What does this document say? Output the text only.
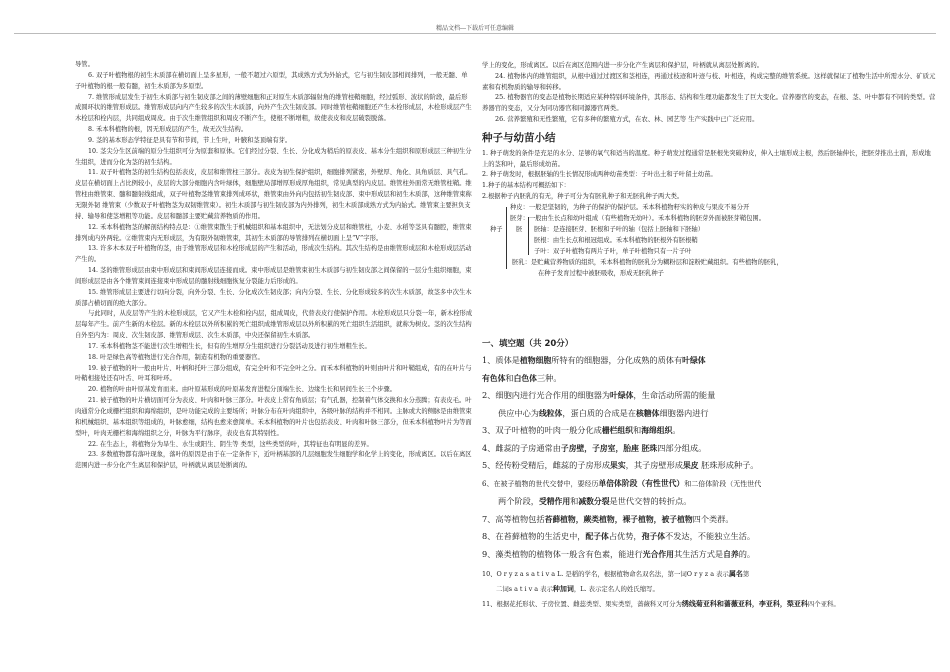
精品文档---下载后可任意编辑

导管。

6. 双子叶植物根的初生木质部在横切面上呈多星形，一般不超过六原型，其成熟方式为外始式，它与初生韧皮部相间排列，一般无髓、单子叶植物的根一般有髓，初生木质部为多原型。

7. 维管形成层发生于初生木质部与初生韧皮部之间的薄壁细胞和正对原生木质部辐射角的维管柱鞘细胞，经过弧形、波状的阶段，最后形成圆环状的维管形成层。维管形成层向内产生较多的次生木质部，向外产生次生韧皮部。同时维管柱鞘细胞还产生木栓形成层，木栓形成层产生木栓层和栓内层，共同组成周皮。由于次生维管组织和周皮不断产生，使根不断增粗，故使表皮和皮层破裂脱落。

8. 禾本科植物的根，因无形成层的产生，故无次生结构。

9. 茎的基本形态学特征是具有节和节间，节上生叶，叶腋和茎顶端有芽。

10. 茎尖分生区前端的原分生组织可分为原套和原体。它们经过分裂、生长、分化成为稍后的原表皮、基本分生组织和原形成层三种初生分生组织，进而分化为茎的初生结构。

11. 双子叶植物茎的初生结构包括表皮，皮层和维管柱三部分。表皮为初生保护组织，细胞排列紧密，外壁厚、角化、具角质层、具气孔。皮层在横切面上占比例较小，皮层的大部分细胞内含叶绿体，细胞壁局部增厚形成厚角组织，常见典型的内皮层。维管柱外面常无维管柱鞘。维管柱由维管束、髓和髓射线组成，双子叶植物茎维管束排列成环状，维管束由外向内包括初生韧皮部、束中形成层和初生木质部，这种维管束称无限外韧 维管束（少数双子叶植物茎为双韧维管束）。初生木质部与初生韧皮部为内外排列，初生木质部成熟方式为内始式。维管束主要担负支持、输导和使茎增粗等功能。皮层和髓部主要贮藏营养物质的作用。

12. 禾本科植物茎的解剖结构特点是：①维管束散生于机械组织和基本组织中，无法划分皮层和维管柱，小麦、水稻等茎具有髓腔，维管束排列成内外两轮。②维管束内无形成层，为有限外韧维管束，其初生木质部的导管排列在横切面上呈“V”字形。

13. 许多木本双子叶植物的茎，由于维管形成层和木栓形成层的产生和活动，形成次生结构。其次生结构是由维管形成层和木栓形成层活动产生的。

14. 茎的维管形成层由束中形成层和束间形成层连接而成。束中形成层是维管束初生木质部与初生韧皮部之间保留的一层分生组织细胞，束间形成层是由各个维管束间连接束中形成层的髓射线细胞恢复分裂能力后形成的。

15. 维管形成层主要进行切向分裂，向外分裂、生长、分化成次生韧皮部；向内分裂、生长、分化形成较多的次生木质部，故茎多中次生木质部占横切面的绝大部分。

与此同时，从皮层等产生的木栓形成层，它又产生木栓和栓内层，组成周皮，代替表皮行使保护作用。木栓形成层只分裂一年，新木栓形成层每年产生。前产生新的木栓层。新的木栓层以外所积累的死亡组织成维管形成层以外所积累的死亡组织生活组织，就称为树皮。茎的次生结构自外至内为：周皮、次生韧皮部、维管形成层、次生木质部，中央还保留初生木质部。

17. 禾本科植物茎不能进行次生增粗生长，但有的生增厚分生组织进行分裂活动及进行初生增粗生长。

18. 叶是绿色高等植物进行光合作用，制造有机物的重要器官。

19. 被子植物的叶一般由叶片、叶柄和托叶三部分组成，有完全叶和不完全叶之分。而禾本科植物的叶则由叶片和叶鞘组成，有的在叶片与叶鞘相接处还有叶舌、叶耳和叶环。

20. 植物的叶由叶原基发育而来。由叶原基形成的叶原基发育进程分顶端生长、边缘生长和居间生长三个步骤。

21. 被子植物的叶片横切面可分为表皮、叶肉和叶脉三部分。叶表皮上常有角质层；有气孔器，控制着气体交换和水分蒸腾；有表皮毛。叶肉通常分化成栅栏组织和海绵组织，是叶功能完成的主要场所；叶脉分布在叶肉组织中，各级叶脉的结构并不相同。主脉或大的侧脉是由维管束和机械组织、基本组织等组成的，叶脉愈细，结构也愈来愈简单。禾本科植物的叶片也包括表皮、叶肉和叶脉三部分，但禾本科植物叶片为等面型叶，叶肉无栅栏和海绵组织之分，叶脉为平行脉序，表皮也有其特别性。

22. 在生态上，将植物分为旱生、水生或阳生、阴生等 类型，这些类型的叶，其特征也有明显的差异。

23. 多数植物都有落叶现象，落叶的原因是由于在一定条件下，近叶柄基部的几层细胞发生细胞学和化学上的变化，形成离区。以后在离区范围内进一步分化产生离层和保护层，叶柄就从离层处断离的。

学上的变化，形成离区。以后在离区范围内进一步分化产生离层和保护层，叶柄就从离层处断离的。

24. 植物体内的维管组织，从根中通过过渡区和茎相连，再通过枝迹和叶迹与枝、叶相连，构成完整的维管系统。这样就保证了植物生活中所需水分、矿质元素和有机物质的输导和转移。

25. 植物器官的变态是植物长期适应某种特别环境条件，其形态、结构和生理功能都发生了巨大变化。营养器官的变态，在根、茎、叶中都有不同的类型。营养器官的变态，又分为同功器官和同源器官两类。

26. 营养繁殖和无性繁殖，它有多种的繁殖方式，在农、林、园艺等 生产实践中已广泛应用。

种子与幼苗小结

1. 种子萌发的条件是充足的水分、足够的氧气和适当的温度。种子萌发过程通常是胚根先突破种皮，伸入土壤形成主根，然后胚轴伸长，把胚芽推出土面，形成地上的茎和叶，最后形成幼苗。

2. 种子萌发时，根据胚轴的生长情况形成两种幼苗类型：子叶出土和子叶留土幼苗。

1.种子的基本结构可概括如下：

2.根据种子内胚乳的有无，种子可分为有胚乳种子和无胚乳种子两大类。

种皮：一般是坚韧的，为种子的保护的保护层。禾本科植物籽实的种皮与果皮不易分开
胚芽：一般由生长点和幼叶组成（有些植物无幼叶）。禾本科植物的胚芽外面被胚芽鞘包围。
种子 胚 胚轴：是连接胚芽、胚根和子叶的轴（包括上胚轴和下胚轴）
胚根：由生长点和根冠组成。禾本科植物的胚根外有胚根鞘
子叶：双子叶植物有两片子叶，单子叶植物只有一片子叶
胚乳：是贮藏营养物质的组织，禾本科植物的胚乳分为糊粉层和淀粉贮藏组织。有些植物的胚乳，
在种子发育过程中被胚吸收，形成无胚乳种子

一、填空题（共 20分）

1、质体是植物细胞所特有的细胞器，分化成熟的质体有叶绿体

有色体和白色体三种。

2、细胞内进行光合作用的细胞器为叶绿体，生命活动所需的能量

供应中心为线粒体，蛋白质的合成是在核糖体细胞器内进行

3、双子叶植物的叶肉一般分化成栅栏组织和海绵组织。

4、雌蕊的子房通常由子房壁，子房室，胎座 胚珠四部分组成。

5、经传粉受精后，雌蕊的子房形成果实，其子房壁形成果皮 胚珠形成种子。

6、在被子植物的世代交替中，要经历单倍体阶段（有性世代）和二倍体阶段（无性世代

两个阶段，受精作用和减数分裂是世代交替的转折点。

7、高等植物包括苔藓植物，蕨类植物，裸子植物，被子植物四个类群。

8、在苔藓植物的生活史中，配子体占优势，孢子体不发达，不能独立生活。

9、藻类植物的植物体一般含有色素，能进行光合作用其生活方式是自养的。

10、O r y z a s a t i v a L. 是稻的学名，根据植物命名双名法，第一词O r y z a 表示属名第

二词s a t i v a 表示种加词，L. 表示定名人的姓氏缩写。

11、根据花托形状、子房位置、雌蕊类型、果实类型，蔷薇科又可分为绣线菊亚科和蔷薇亚科，李亚科，梨亚科四个亚科。
